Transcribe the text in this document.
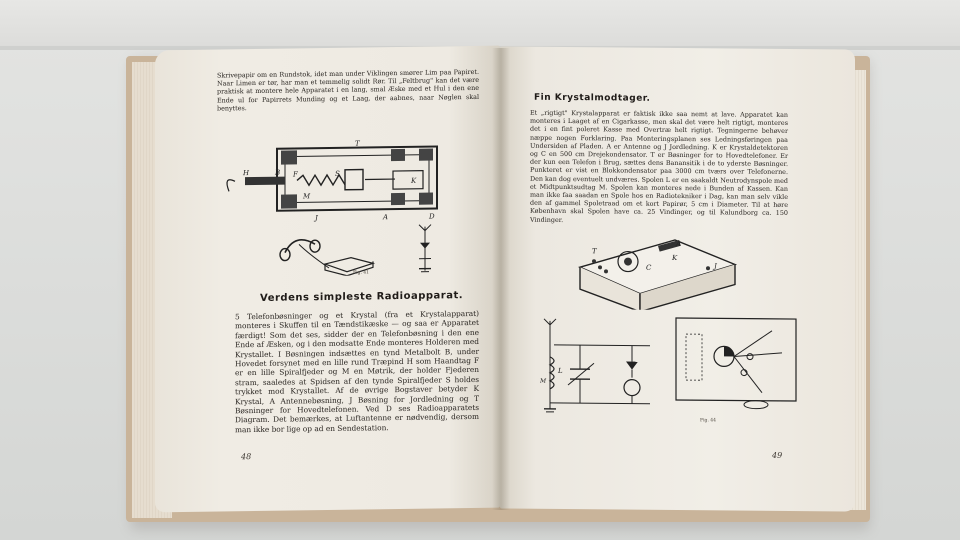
Skrivepapir om en Rundstok, idet man under Viklingen smører Lim paa Papiret. Naar Limen er tør, har man et temmelig solidt Rør. Til „Feltbrug" kan det være praktisk at montere hele Apparatet i en lang, smal Æske med et Hul i den ene Ende ul for Papirrets Munding og et Laag, der aabnes, naar Nøglen skal benyttes.
T
H	B	S
K
A
J
M
F
D
Fig. 41
Verdens simpleste Radioapparat.
5 Telefonbøsninger og et Krystal (fra et Krystalapparat) monteres i Skuffen til en Tændstikæske — og saa er Apparatet færdigt! Som det ses, sidder der en Telefonbøsning i den ene Ende af Æsken, og i den modsatte Ende monteres Holderen med Krystallet. I Bøsningen indsættes en tynd Metalbolt B, under Hovedet forsynet med en lille rund Træpind H som Haandtag F er en lille Spiralfjeder og M en Møtrik, der holder Fjederen stram, saaledes at Spidsen af den tynde Spiralfjeder S holdes trykket mod Krystallet. Af de øvrige Bogstaver betyder K Krystal, A Antennebøsning, J Bøsning for Jordledning og T Bøsninger for Hovedtelefonen. Ved D ses Radioapparatets Diagram. Det bemærkes, at Luftantenne er nødvendig, dersom man ikke bor lige op ad en Sendestation.
48
Fin Krystalmodtager.
Et „rigtigt" Krystalapparat er faktisk ikke saa nemt at lave. Apparatet kan monteres i Laaget af en Cigarkasse, men skal det være helt rigtigt, monteres det i en fint poleret Kasse med Overtræ helt rigtigt. Tegningerne behøver næppe nogen Forklaring. Paa Monteringsplanen ses Ledningsføringen paa Undersiden af Pladen. A er Antenne og J Jordledning. K er Krystaldetektoren og C en 500 cm Drejekondensator. T er Bøsninger for to Hovedtelefoner. Er der kun een Telefon i Brug, sættes dens Banansitik i de to yderste Bøsninger. Punkteret er vist en Blokkondensator paa 3000 cm tværs over Telefonerne. Den kan dog eventuelt undværes. Spolen L er en saakaldt Neutrodynspole med et Midtpunktsudtag M. Spolen kan monteres nede i Bunden af Kassen. Kan man ikke faa saadan en Spole hos en Radiotekniker i Dag, kan man selv vikle den af gammel Spoletraad om et kort Papirør, 5 cm i Diameter. Til at høre København skal Spolen have ca. 25 Vindinger, og til Kalundborg ca. 150 Vindinger.
T
C
K
A
J
L
M
Fig. 44
49
